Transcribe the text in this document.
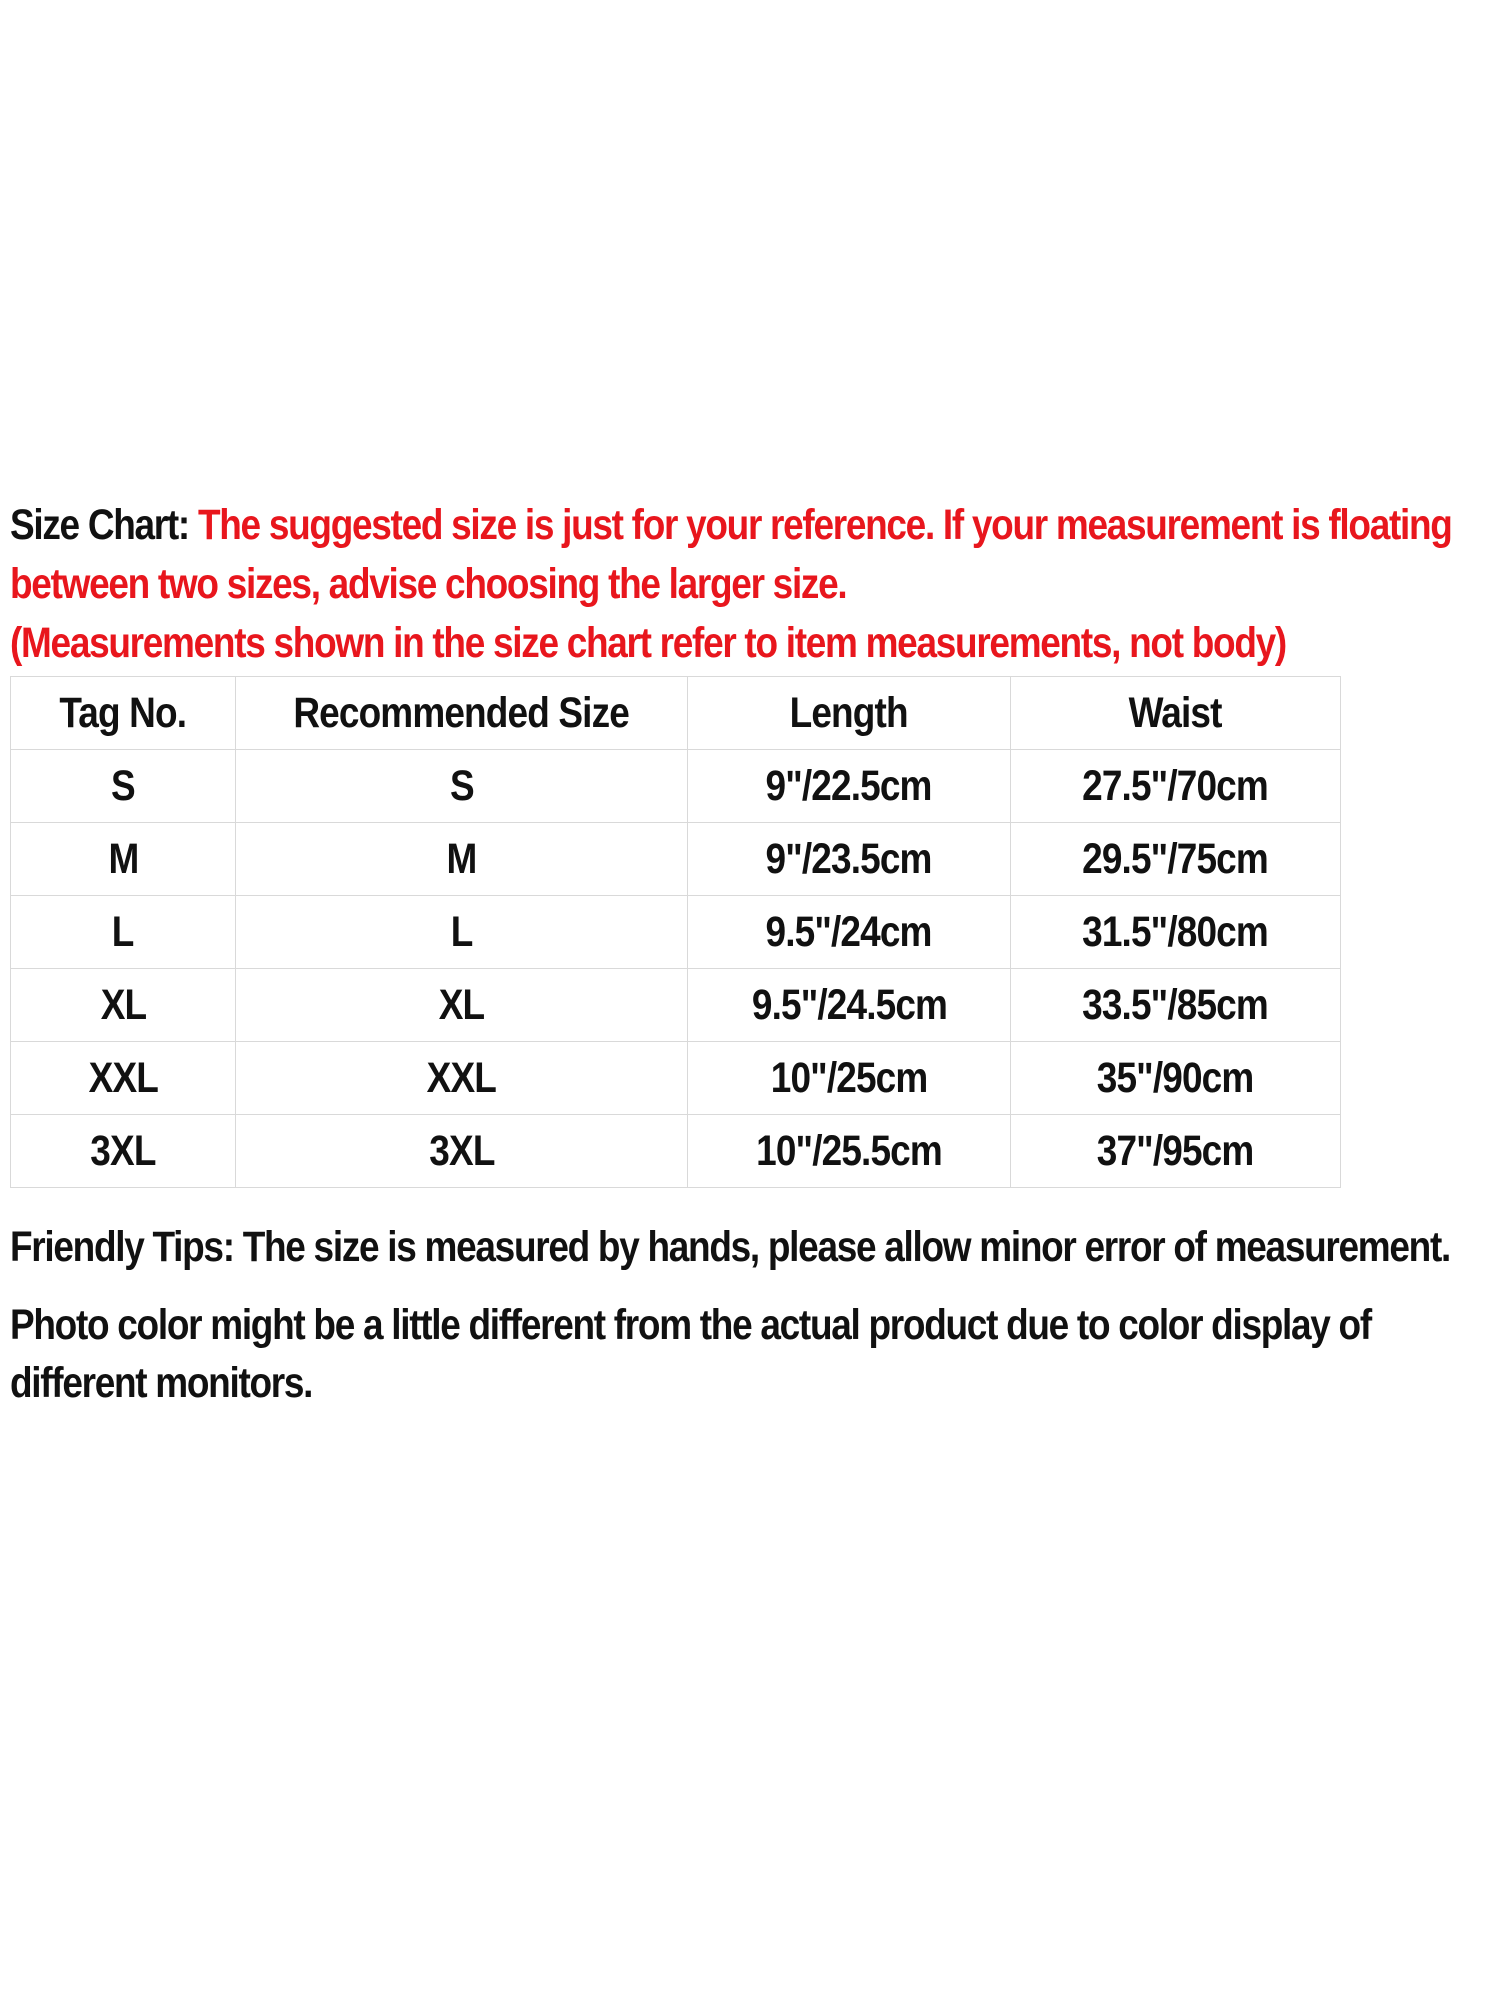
Size Chart: The suggested size is just for your reference. If your measurement is floating between two sizes, advise choosing the larger size.
(Measurements shown in the size chart refer to item measurements, not body)
Tag No.	Recommended Size	Length	Waist
S	S	9"/22.5cm	27.5"/70cm
M	M	9"/23.5cm	29.5"/75cm
L	L	9.5"/24cm	31.5"/80cm
XL	XL	9.5"/24.5cm	33.5"/85cm
XXL	XXL	10"/25cm	35"/90cm
3XL	3XL	10"/25.5cm	37"/95cm

Friendly Tips: The size is measured by hands, please allow minor error of measurement.

Photo color might be a little different from the actual product due to color display of different monitors.
